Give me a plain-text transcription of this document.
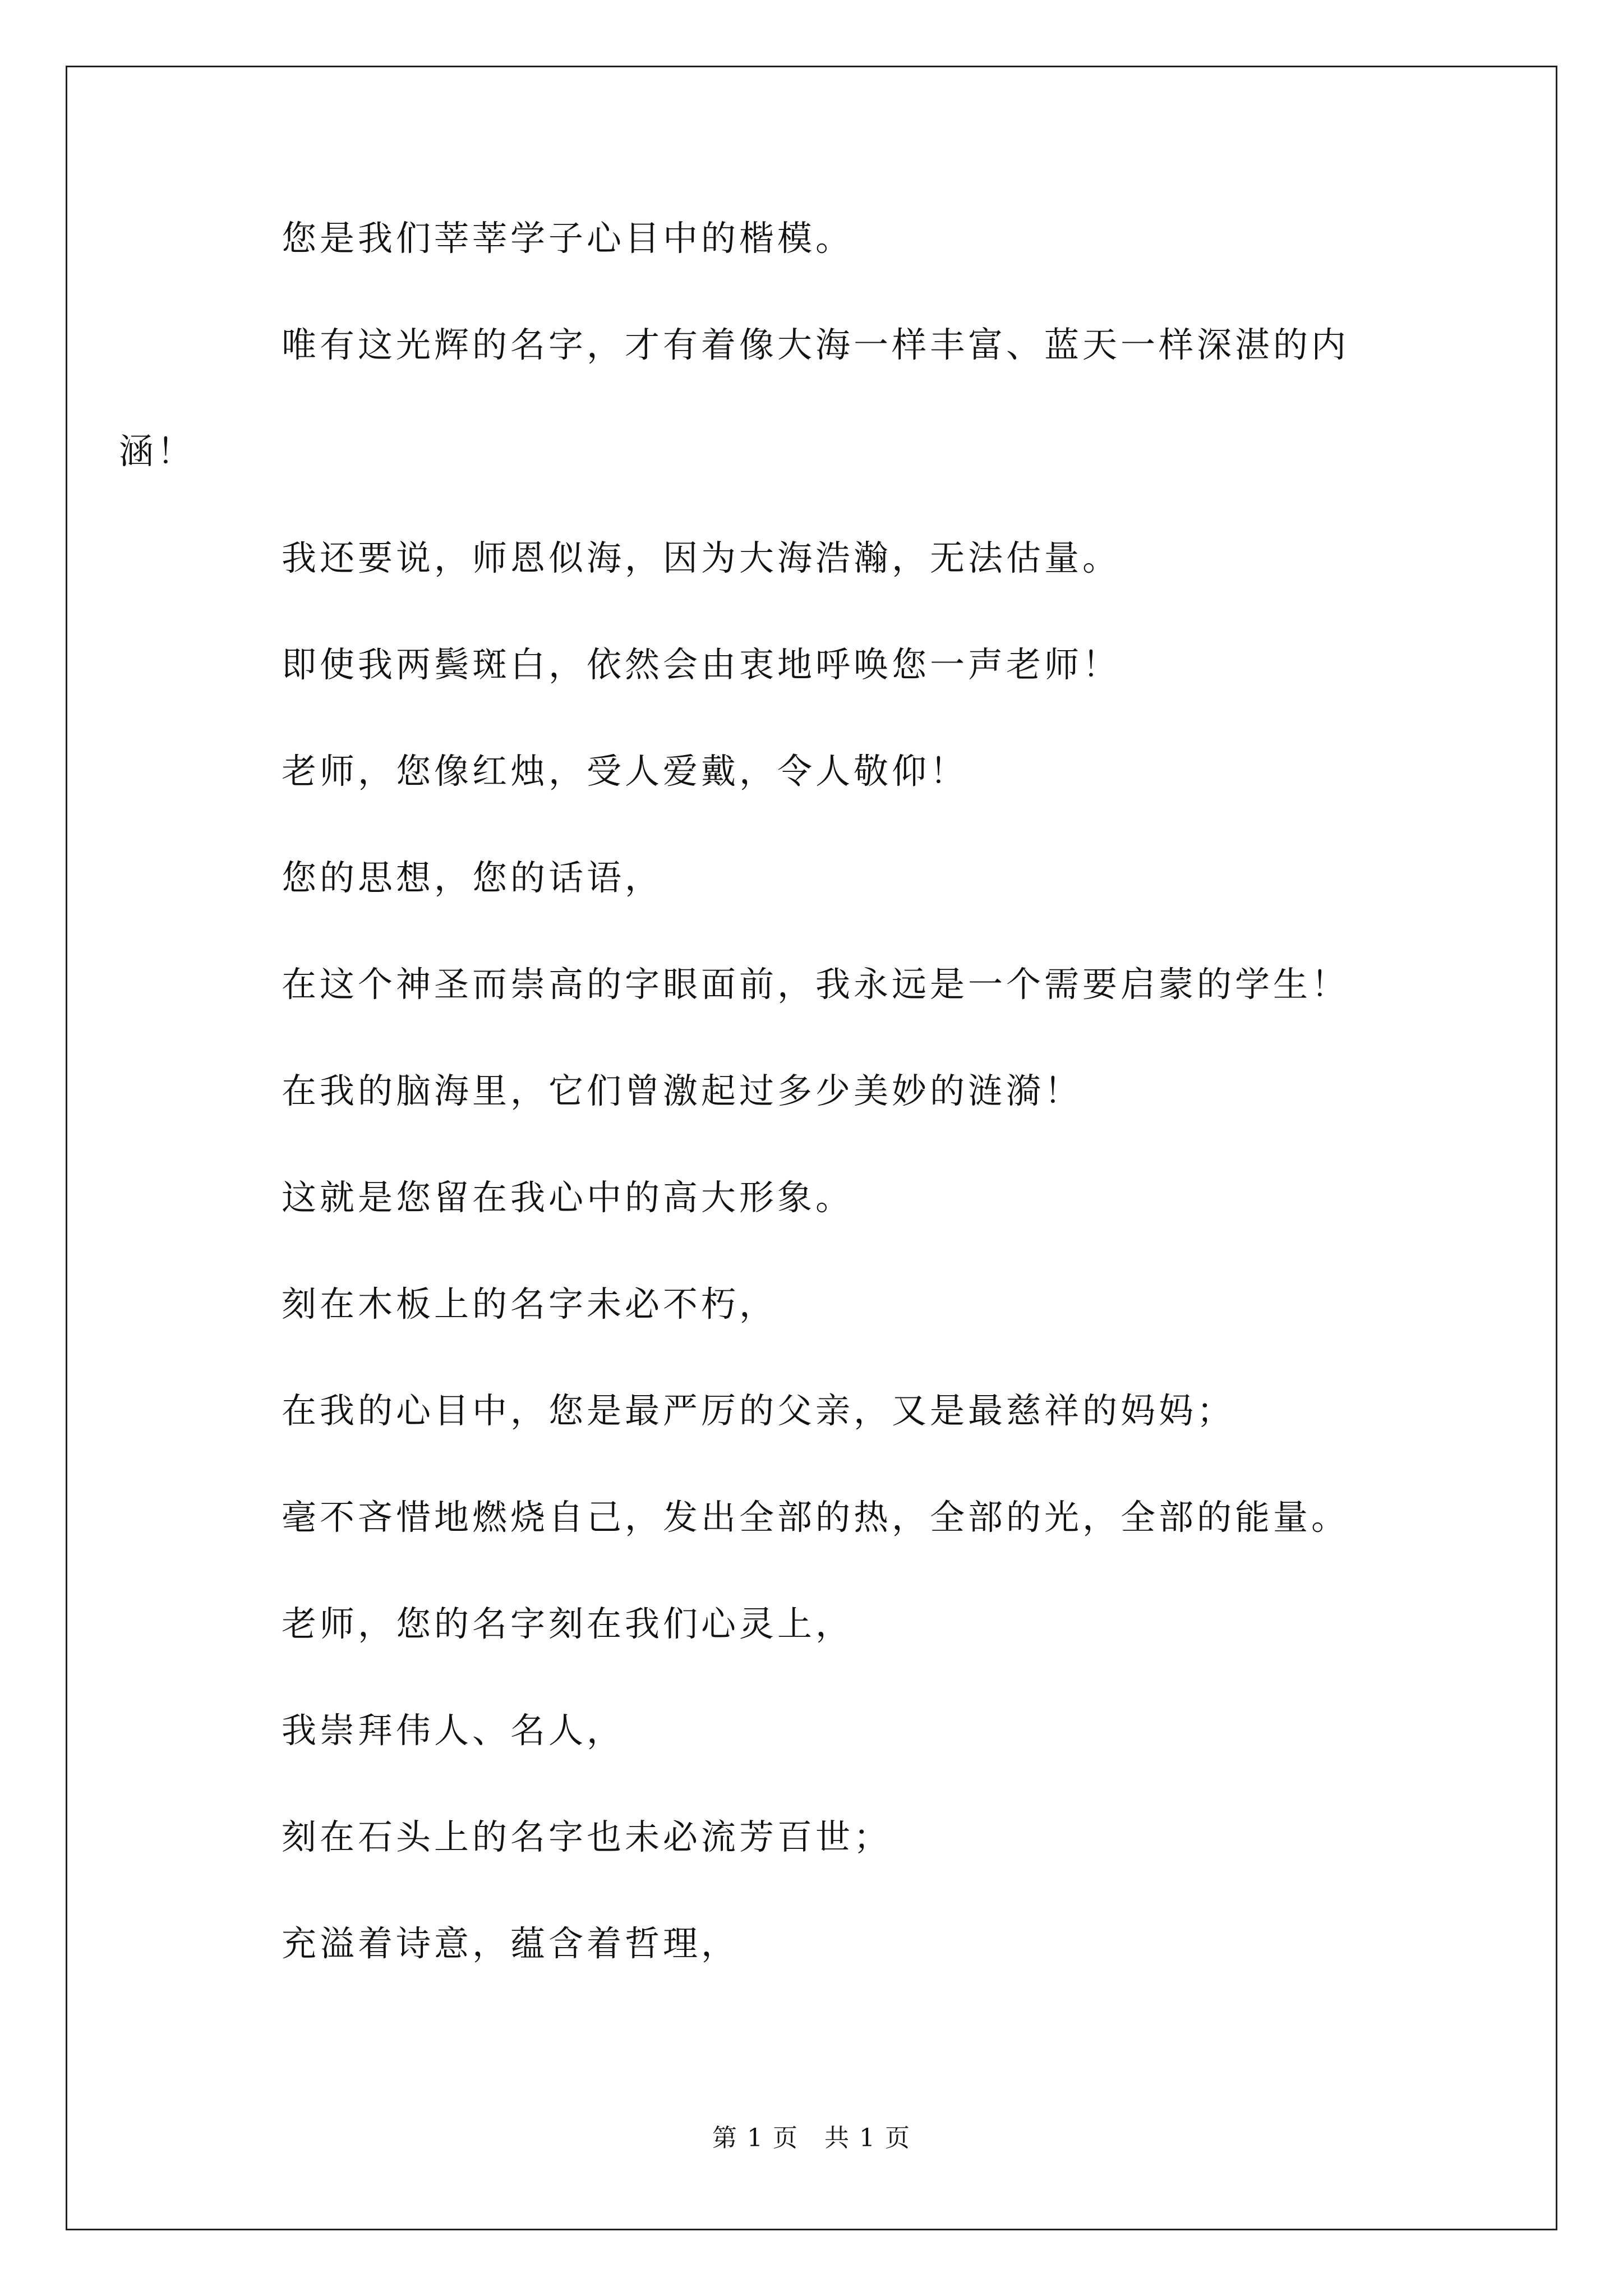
您是我们莘莘学子心目中的楷模。

唯有这光辉的名字，才有着像大海一样丰富、蓝天一样深湛的内
涵！

我还要说，师恩似海，因为大海浩瀚，无法估量。

即使我两鬓斑白，依然会由衷地呼唤您一声老师！

老师，您像红烛，受人爱戴，令人敬仰！

您的思想，您的话语，

在这个神圣而崇高的字眼面前，我永远是一个需要启蒙的学生！

在我的脑海里，它们曾激起过多少美妙的涟漪！

这就是您留在我心中的高大形象。

刻在木板上的名字未必不朽，

在我的心目中，您是最严厉的父亲，又是最慈祥的妈妈；

毫不吝惜地燃烧自己，发出全部的热，全部的光，全部的能量。

老师，您的名字刻在我们心灵上，

我崇拜伟人、名人，

刻在石头上的名字也未必流芳百世；

充溢着诗意，蕴含着哲理，

第 1 页　共 1 页
